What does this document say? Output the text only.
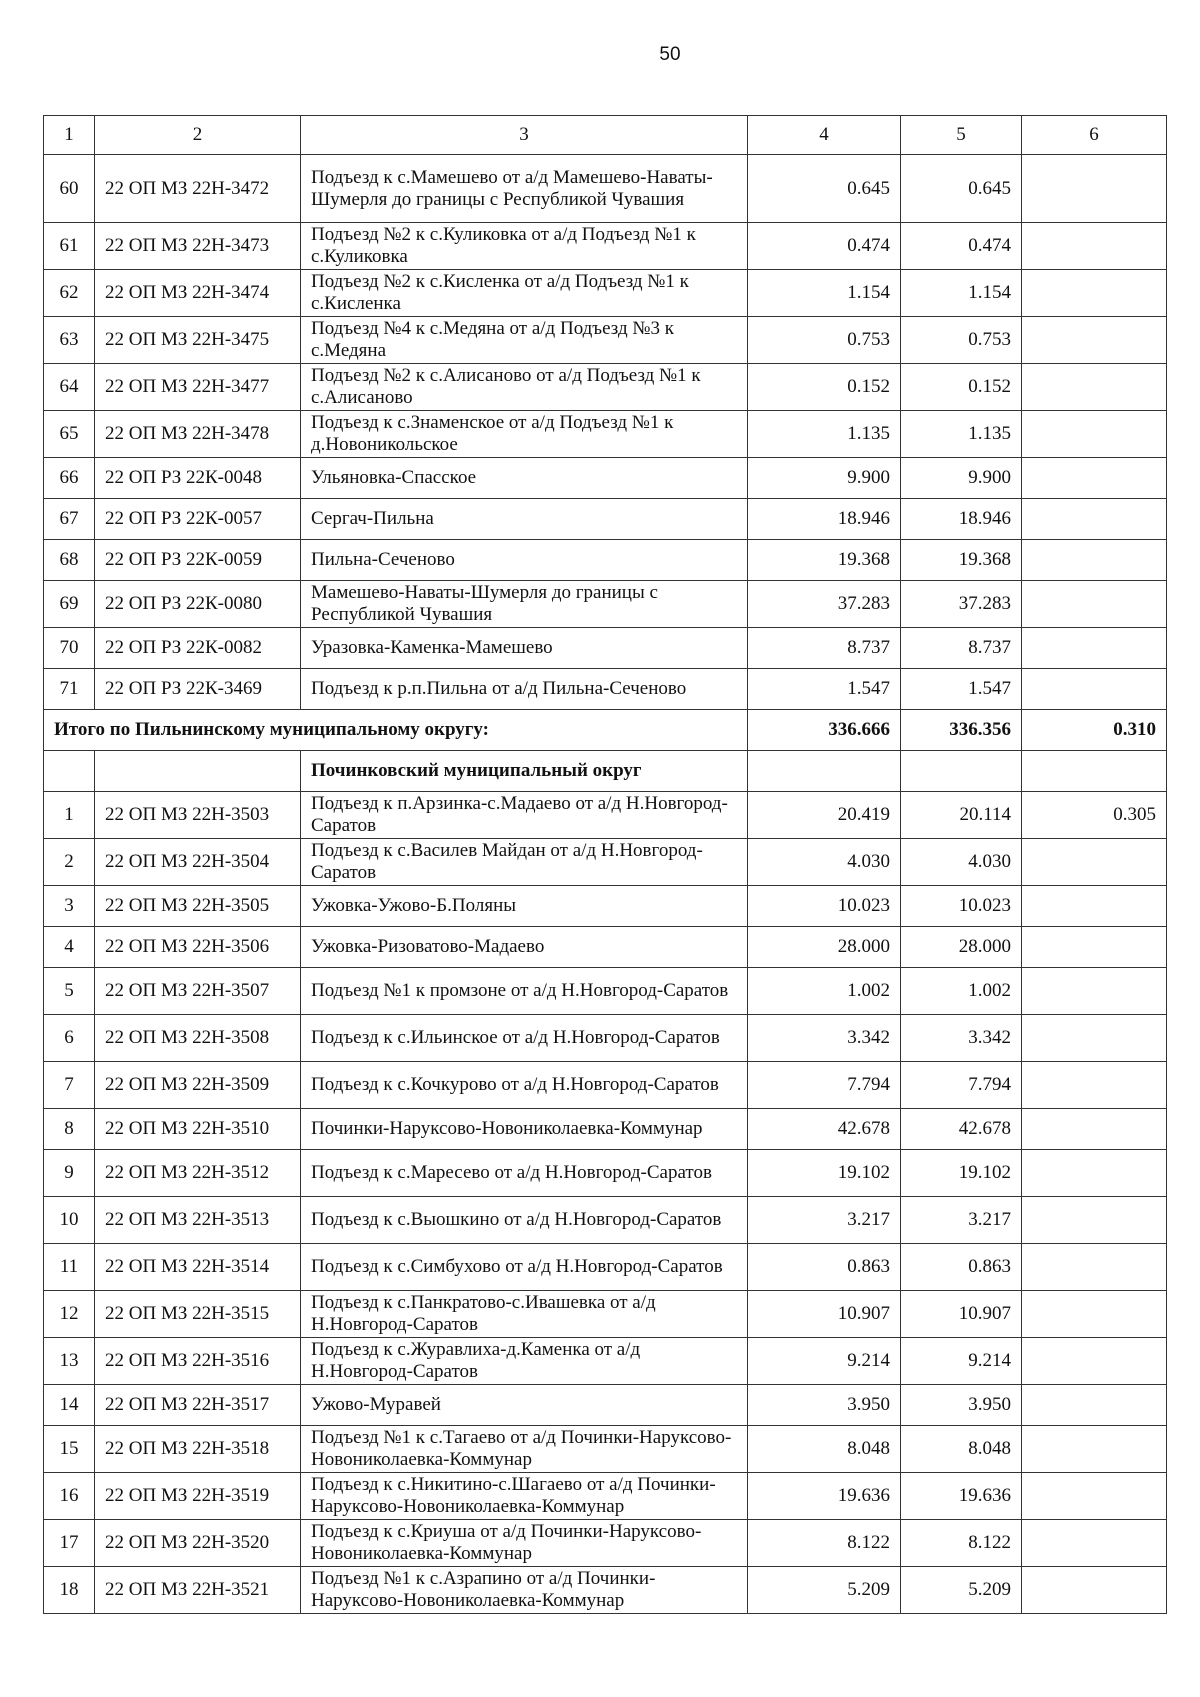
50
1	2	3	4	5	6
60	22 ОП МЗ 22Н-3472	Подъезд к с.Мамешево от а/д Мамешево-Наваты-Шумерля до границы с Республикой Чувашия	0.645	0.645	
61	22 ОП МЗ 22Н-3473	Подъезд №2 к с.Куликовка от а/д Подъезд №1 к с.Куликовка	0.474	0.474	
62	22 ОП МЗ 22Н-3474	Подъезд №2 к с.Кисленка от а/д Подъезд №1 к с.Кисленка	1.154	1.154	
63	22 ОП МЗ 22Н-3475	Подъезд №4 к с.Медяна от а/д Подъезд №3 к с.Медяна	0.753	0.753	
64	22 ОП МЗ 22Н-3477	Подъезд №2 к с.Алисаново от а/д Подъезд №1 к с.Алисаново	0.152	0.152	
65	22 ОП МЗ 22Н-3478	Подъезд к с.Знаменское от а/д Подъезд №1 к д.Новоникольское	1.135	1.135	
66	22 ОП РЗ 22К-0048	Ульяновка-Спасское	9.900	9.900	
67	22 ОП РЗ 22К-0057	Сергач-Пильна	18.946	18.946	
68	22 ОП РЗ 22К-0059	Пильна-Сеченово	19.368	19.368	
69	22 ОП РЗ 22К-0080	Мамешево-Наваты-Шумерля до границы с Республикой Чувашия	37.283	37.283	
70	22 ОП РЗ 22К-0082	Уразовка-Каменка-Мамешево	8.737	8.737	
71	22 ОП РЗ 22К-3469	Подъезд к р.п.Пильна от а/д Пильна-Сеченово	1.547	1.547	
Итого по Пильнинскому муниципальному округу:			336.666	336.356	0.310
		Починковский муниципальный округ			
1	22 ОП МЗ 22Н-3503	Подъезд к п.Арзинка-с.Мадаево от а/д Н.Новгород-Саратов	20.419	20.114	0.305
2	22 ОП МЗ 22Н-3504	Подъезд к с.Василев Майдан от а/д Н.Новгород-Саратов	4.030	4.030	
3	22 ОП МЗ 22Н-3505	Ужовка-Ужово-Б.Поляны	10.023	10.023	
4	22 ОП МЗ 22Н-3506	Ужовка-Ризоватово-Мадаево	28.000	28.000	
5	22 ОП МЗ 22Н-3507	Подъезд №1 к промзоне от а/д Н.Новгород-Саратов	1.002	1.002	
6	22 ОП МЗ 22Н-3508	Подъезд к с.Ильинское от а/д Н.Новгород-Саратов	3.342	3.342	
7	22 ОП МЗ 22Н-3509	Подъезд к с.Кочкурово от а/д Н.Новгород-Саратов	7.794	7.794	
8	22 ОП МЗ 22Н-3510	Починки-Наруксово-Новониколаевка-Коммунар	42.678	42.678	
9	22 ОП МЗ 22Н-3512	Подъезд к с.Маресево от а/д Н.Новгород-Саратов	19.102	19.102	
10	22 ОП МЗ 22Н-3513	Подъезд к с.Выошкино от а/д Н.Новгород-Саратов	3.217	3.217	
11	22 ОП МЗ 22Н-3514	Подъезд к с.Симбухово от а/д Н.Новгород-Саратов	0.863	0.863	
12	22 ОП МЗ 22Н-3515	Подъезд к с.Панкратово-с.Ивашевка от а/д Н.Новгород-Саратов	10.907	10.907	
13	22 ОП МЗ 22Н-3516	Подъезд к с.Журавлиха-д.Каменка от а/д Н.Новгород-Саратов	9.214	9.214	
14	22 ОП МЗ 22Н-3517	Ужово-Муравей	3.950	3.950	
15	22 ОП МЗ 22Н-3518	Подъезд №1 к с.Тагаево от а/д Починки-Наруксово-Новониколаевка-Коммунар	8.048	8.048	
16	22 ОП МЗ 22Н-3519	Подъезд к с.Никитино-с.Шагаево от а/д Починки-Наруксово-Новониколаевка-Коммунар	19.636	19.636	
17	22 ОП МЗ 22Н-3520	Подъезд к с.Криуша от а/д Починки-Наруксово-Новониколаевка-Коммунар	8.122	8.122	
18	22 ОП МЗ 22Н-3521	Подъезд №1 к с.Азрапино от а/д Починки-Наруксово-Новониколаевка-Коммунар	5.209	5.209	
